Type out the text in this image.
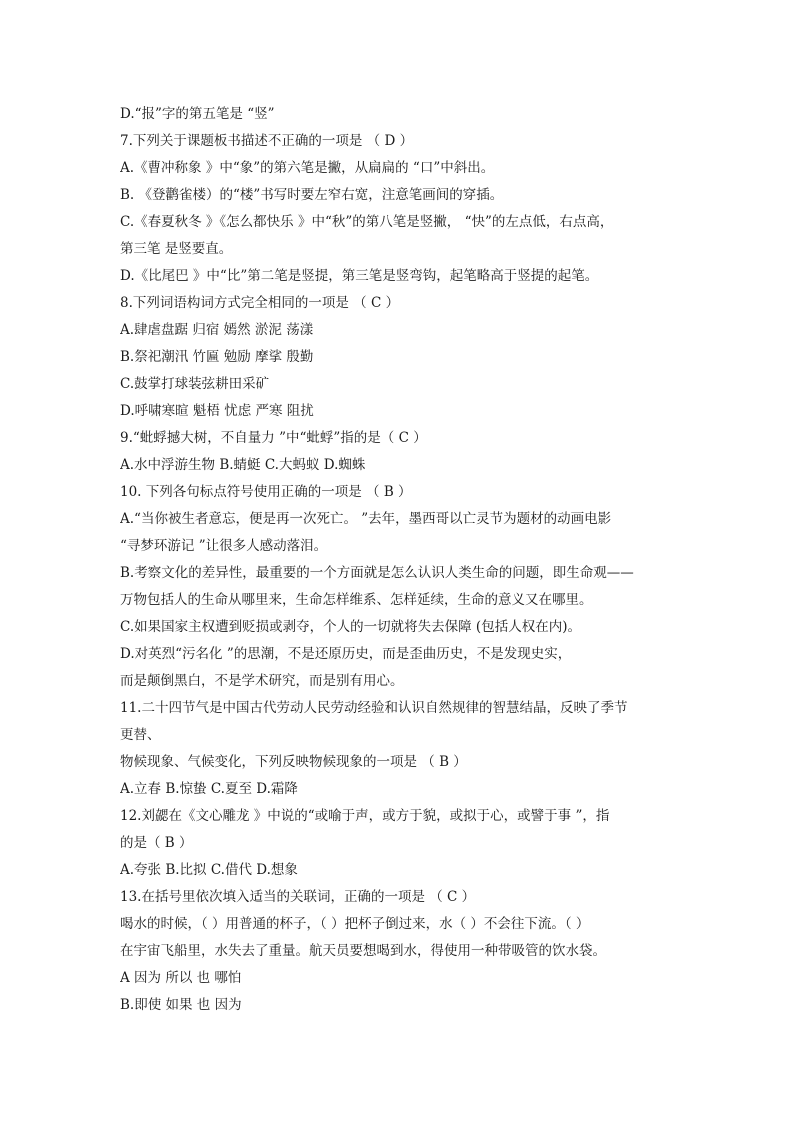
D.“报”字的第五笔是 “竖”
7.下列关于课题板书描述不正确的一项是 （ D ）
A.《曹冲称象 》中“象”的第六笔是撇，从扁扁的 “口”中斜出。
B. 《登鹳雀楼）的“楼”书写时要左窄右宽，注意笔画间的穿插。
C.《春夏秋冬 》《怎么都快乐 》中“秋”的第八笔是竖撇， “快”的左点低，右点高，
第三笔 是竖要直。
D.《比尾巴 》中“比”第二笔是竖提，第三笔是竖弯钩，起笔略高于竖提的起笔。
8.下列词语构词方式完全相同的一项是 （ C ）
A.肆虐盘踞 归宿 嫣然 淤泥 荡漾
B.祭祀潮汛 竹匾 勉励 摩挲 殷勤
C.鼓掌打球装弦耕田采矿
D.呼啸寒暄 魁梧 忧虑 严寒 阻扰
9.“蚍蜉撼大树，不自量力 ”中“蚍蜉”指的是（ C ）
A.水中浮游生物 B.蜻蜓 C.大蚂蚁 D.蜘蛛
10. 下列各句标点符号使用正确的一项是 （ B ）
A.“当你被生者意忘，便是再一次死亡。 ”去年，墨西哥以亡灵节为题材的动画电影
“寻梦环游记 ”让很多人感动落泪。
B.考察文化的差异性，最重要的一个方面就是怎么认识人类生命的问题，即生命观——
万物包括人的生命从哪里来，生命怎样维系、怎样延续，生命的意义又在哪里。
C.如果国家主权遭到贬损或剥夺，个人的一切就将失去保障 (包括人权在内)。
D.对英烈“污名化 ”的思潮，不是还原历史，而是歪曲历史，不是发现史实，
而是颠倒黑白，不是学术研究，而是别有用心。
11.二十四节气是中国古代劳动人民劳动经验和认识自然规律的智慧结晶，反映了季节
更替、
物候现象、气候变化，下列反映物候现象的一项是 （ B ）
A.立春 B.惊蛰 C.夏至 D.霜降
12.刘勰在《文心雕龙 》中说的“或喻于声，或方于貌，或拟于心，或譬于事 ”，指
的是（ B ）
A.夸张 B.比拟 C.借代 D.想象
13.在括号里依次填入适当的关联词，正确的一项是 （ C ）
喝水的时候，（ ）用普通的杯子，（ ）把杯子倒过来，水（ ）不会往下流。（ ）
在宇宙飞船里，水失去了重量。航天员要想喝到水，得使用一种带吸管的饮水袋。
A 因为 所以 也 哪怕
B.即使 如果 也 因为
